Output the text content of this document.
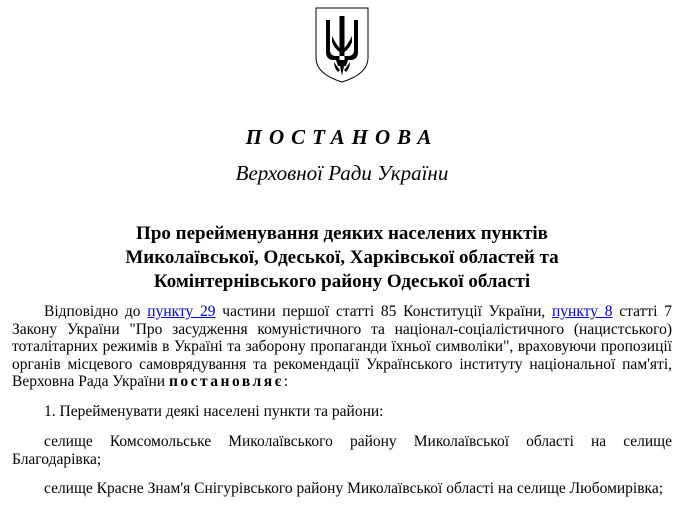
ПОСТАНОВА
Верховної Ради України
Про перейменування деяких населених пунктів
Миколаївської, Одеської, Харківської областей та
Комінтернівського району Одеської області

Відповідно до пункту 29 частини першої статті 85 Конституції України, пункту 8 статті 7 Закону України "Про засудження комуністичного та націонал-соціалістичного (нацистського) тоталітарних режимів в Україні та заборону пропаганди їхньої символіки", враховуючи пропозиції органів місцевого самоврядування та рекомендації Українського інституту національної пам'яті, Верховна Рада України постановляє:

1. Перейменувати деякі населені пункти та райони:

селище Комсомольське Миколаївського району Миколаївської області на селище Благодарівка;

селище Красне Знам'я Снігурівського району Миколаївської області на селище Любомирівка;
